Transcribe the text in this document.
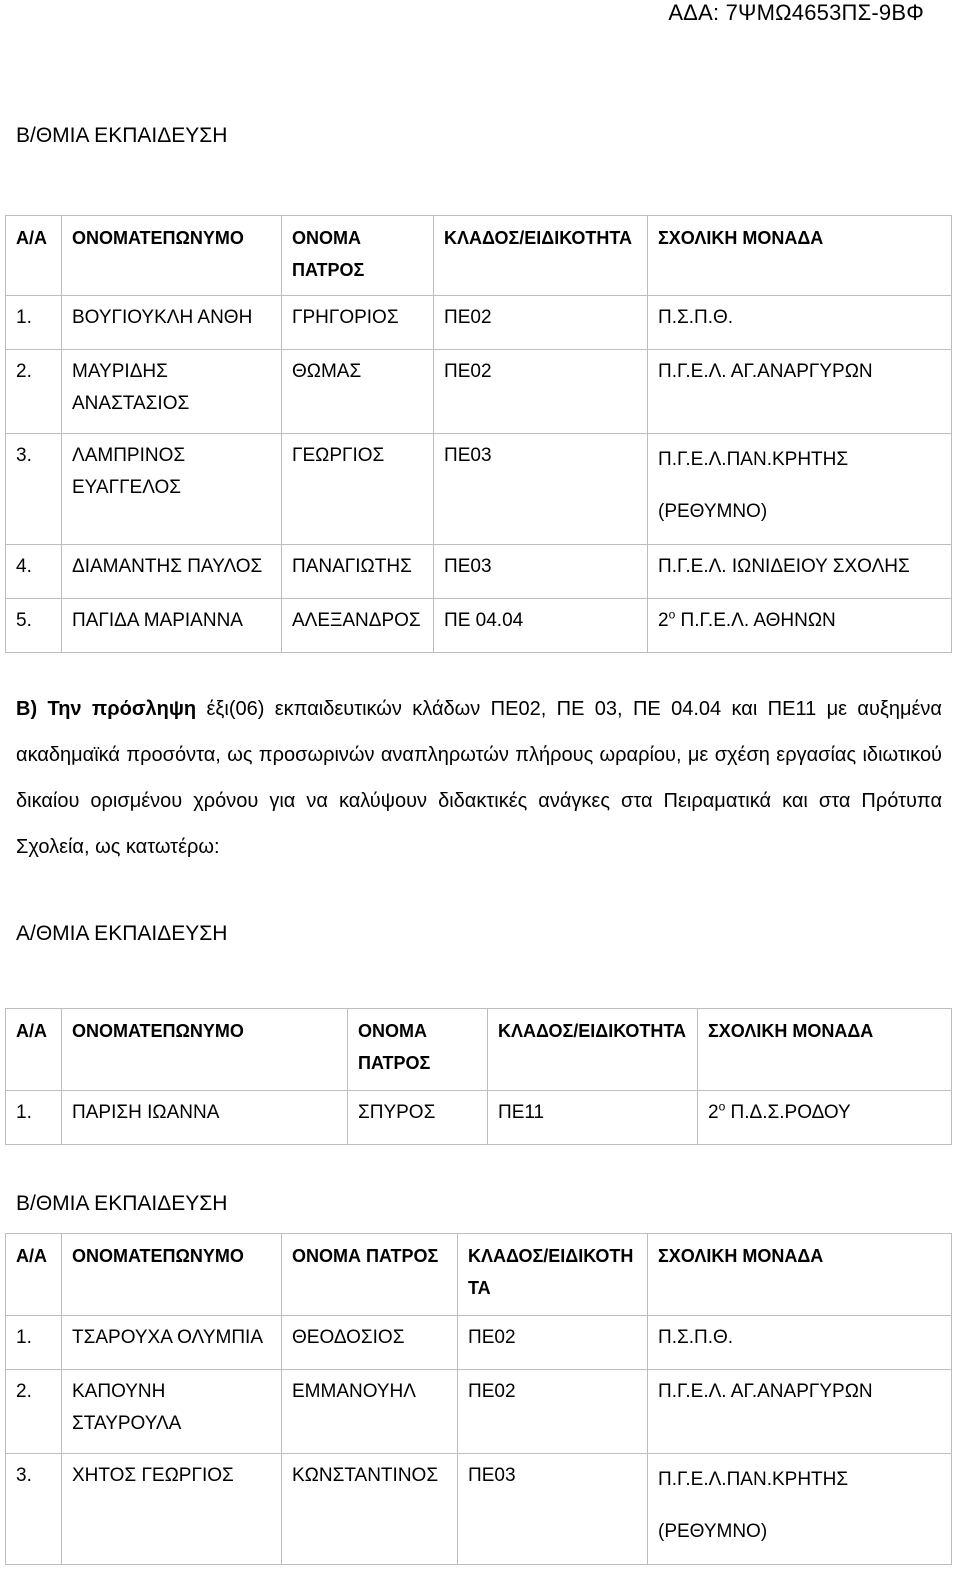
ΑΔΑ: 7ΨΜΩ4653ΠΣ-9ΒΦ
Β/ΘΜΙΑ ΕΚΠΑΙΔΕΥΣΗ
Α/Α	ΟΝΟΜΑΤΕΠΩΝΥΜΟ	ΟΝΟΜΑ ΠΑΤΡΟΣ	ΚΛΑΔΟΣ/ΕΙΔΙΚΟΤΗΤΑ	ΣΧΟΛΙΚΗ ΜΟΝΑΔΑ
1.	ΒΟΥΓΙΟΥΚΛΗ ΑΝΘΗ	ΓΡΗΓΟΡΙΟΣ	ΠΕ02	Π.Σ.Π.Θ.
2.	ΜΑΥΡΙΔΗΣ ΑΝΑΣΤΑΣΙΟΣ	ΘΩΜΑΣ	ΠΕ02	Π.Γ.Ε.Λ. ΑΓ.ΑΝΑΡΓΥΡΩΝ
3.	ΛΑΜΠΡΙΝΟΣ ΕΥΑΓΓΕΛΟΣ	ΓΕΩΡΓΙΟΣ	ΠΕ03	Π.Γ.Ε.Λ.ΠΑΝ.ΚΡΗΤΗΣ (ΡΕΘΥΜΝΟ)
4.	ΔΙΑΜΑΝΤΗΣ ΠΑΥΛΟΣ	ΠΑΝΑΓΙΩΤΗΣ	ΠΕ03	Π.Γ.Ε.Λ. ΙΩΝΙΔΕΙΟΥ ΣΧΟΛΗΣ
5.	ΠΑΓΙΔΑ ΜΑΡΙΑΝΝΑ	ΑΛΕΞΑΝΔΡΟΣ	ΠΕ 04.04	$2^o$ Π.Γ.Ε.Λ. ΑΘΗΝΩΝ
Β) Την πρόσληψη έξι(06) εκπαιδευτικών κλάδων ΠΕ02, ΠΕ 03, ΠΕ 04.04 και ΠΕ11 με αυξημένα ακαδημαϊκά προσόντα, ως προσωρινών αναπληρωτών πλήρους ωραρίου, με σχέση εργασίας ιδιωτικού δικαίου ορισμένου χρόνου για να καλύψουν διδακτικές ανάγκες στα Πειραματικά και στα Πρότυπα Σχολεία, ως κατωτέρω:
Α/ΘΜΙΑ ΕΚΠΑΙΔΕΥΣΗ
Α/Α	ΟΝΟΜΑΤΕΠΩΝΥΜΟ	ΟΝΟΜΑ ΠΑΤΡΟΣ	ΚΛΑΔΟΣ/ΕΙΔΙΚΟΤΗΤΑ	ΣΧΟΛΙΚΗ ΜΟΝΑΔΑ
1.	ΠΑΡΙΣΗ ΙΩΑΝΝΑ	ΣΠΥΡΟΣ	ΠΕ11	$2^o$ Π.Δ.Σ.ΡΟΔΟΥ
Β/ΘΜΙΑ ΕΚΠΑΙΔΕΥΣΗ
Α/Α	ΟΝΟΜΑΤΕΠΩΝΥΜΟ	ΟΝΟΜΑ ΠΑΤΡΟΣ	ΚΛΑΔΟΣ/ΕΙΔΙΚΟΤΗΤΑ	ΣΧΟΛΙΚΗ ΜΟΝΑΔΑ
1.	ΤΣΑΡΟΥΧΑ ΟΛΥΜΠΙΑ	ΘΕΟΔΟΣΙΟΣ	ΠΕ02	Π.Σ.Π.Θ.
2.	ΚΑΠΟΥΝΗ ΣΤΑΥΡΟΥΛΑ	ΕΜΜΑΝΟΥΗΛ	ΠΕ02	Π.Γ.Ε.Λ. ΑΓ.ΑΝΑΡΓΥΡΩΝ
3.	ΧΗΤΟΣ ΓΕΩΡΓΙΟΣ	ΚΩΝΣΤΑΝΤΙΝΟΣ	ΠΕ03	Π.Γ.Ε.Λ.ΠΑΝ.ΚΡΗΤΗΣ (ΡΕΘΥΜΝΟ)
